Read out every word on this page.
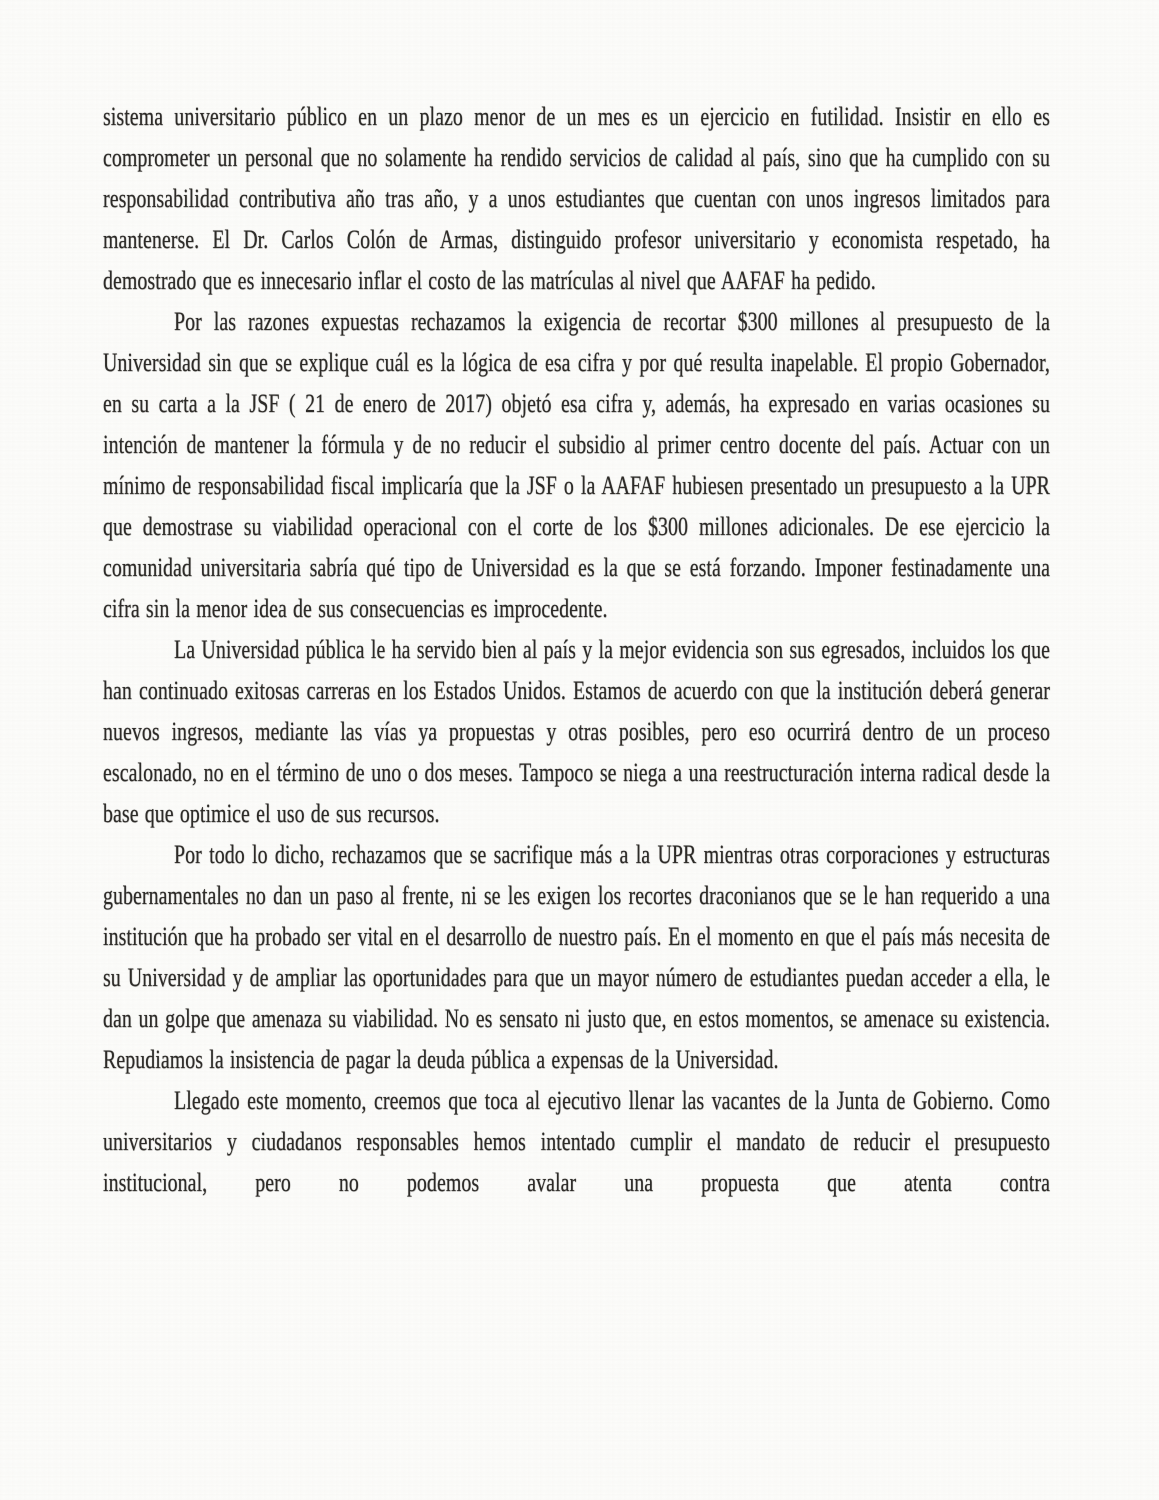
sistema universitario público en un plazo menor de un mes es un ejercicio en futilidad. Insistir en ello es comprometer un personal que no solamente ha rendido servicios de calidad al país, sino que ha cumplido con su responsabilidad contributiva año tras año, y a unos estudiantes que cuentan con unos ingresos limitados para mantenerse. El Dr. Carlos Colón de Armas, distinguido profesor universitario y economista respetado, ha demostrado que es innecesario inflar el costo de las matrículas al nivel que AAFAF ha pedido.

Por las razones expuestas rechazamos la exigencia de recortar $300 millones al presupuesto de la Universidad sin que se explique cuál es la lógica de esa cifra y por qué resulta inapelable. El propio Gobernador, en su carta a la JSF ( 21 de enero de 2017) objetó esa cifra y, además, ha expresado en varias ocasiones su intención de mantener la fórmula y de no reducir el subsidio al primer centro docente del país. Actuar con un mínimo de responsabilidad fiscal implicaría que la JSF o la AAFAF hubiesen presentado un presupuesto a la UPR que demostrase su viabilidad operacional con el corte de los $300 millones adicionales. De ese ejercicio la comunidad universitaria sabría qué tipo de Universidad es la que se está forzando. Imponer festinadamente una cifra sin la menor idea de sus consecuencias es improcedente.

La Universidad pública le ha servido bien al país y la mejor evidencia son sus egresados, incluidos los que han continuado exitosas carreras en los Estados Unidos. Estamos de acuerdo con que la institución deberá generar nuevos ingresos, mediante las vías ya propuestas y otras posibles, pero eso ocurrirá dentro de un proceso escalonado, no en el término de uno o dos meses. Tampoco se niega a una reestructuración interna radical desde la base que optimice el uso de sus recursos.

Por todo lo dicho, rechazamos que se sacrifique más a la UPR mientras otras corporaciones y estructuras gubernamentales no dan un paso al frente, ni se les exigen los recortes draconianos que se le han requerido a una institución que ha probado ser vital en el desarrollo de nuestro país. En el momento en que el país más necesita de su Universidad y de ampliar las oportunidades para que un mayor número de estudiantes puedan acceder a ella, le dan un golpe que amenaza su viabilidad. No es sensato ni justo que, en estos momentos, se amenace su existencia. Repudiamos la insistencia de pagar la deuda pública a expensas de la Universidad.

Llegado este momento, creemos que toca al ejecutivo llenar las vacantes de la Junta de Gobierno. Como universitarios y ciudadanos responsables hemos intentado cumplir el mandato de reducir el presupuesto institucional, pero no podemos avalar una propuesta que atenta contra
